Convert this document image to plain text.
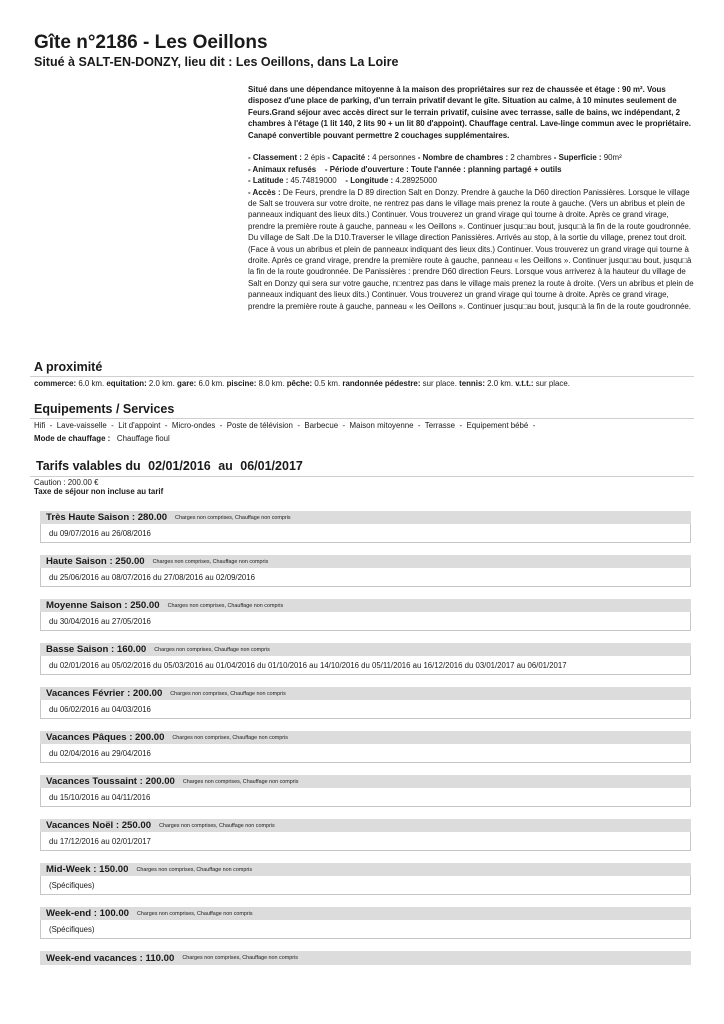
Gîte n°2186 - Les Oeillons
Situé à SALT-EN-DONZY, lieu dit : Les Oeillons, dans La Loire

Situé dans une dépendance mitoyenne à la maison des propriétaires sur rez de chaussée et étage : 90 m². Vous disposez d'une place de parking, d'un terrain privatif devant le gîte. Situation au calme, à 10 minutes seulement de Feurs.Grand séjour avec accès direct sur le terrain privatif, cuisine avec terrasse, salle de bains, wc indépendant, 2 chambres à l'étage (1 lit 140, 2 lits 90 + un lit 80 d'appoint). Chauffage central. Lave-linge commun avec le propriétaire. Canapé convertible pouvant permettre 2 couchages supplémentaires.

- Classement : 2 épis - Capacité : 4 personnes - Nombre de chambres : 2 chambres - Superficie : 90m²

- Animaux refusés - Période d'ouverture : Toute l'année : planning partagé + outils

- Latitude : 45.74819000 - Longitude : 4.28925000

- Accès : De Feurs, prendre la D 89 direction Salt en Donzy. Prendre à gauche la D60 direction Panissières. Lorsque le village de Salt se trouvera sur votre droite, ne rentrez pas dans le village mais prenez la route à gauche. (Vers un abribus et plein de panneaux indiquant des lieux dits.) Continuer. Vous trouverez un grand virage qui tourne à droite. Après ce grand virage, prendre la première route à gauche, panneau « les Oeillons ». Continuer jusqu□au bout, jusqu□à la fin de la route goudronnée. Du village de Salt .De la D10.Traverser le village direction Panissières. Arrivés au stop, à la sortie du village, prenez tout droit. (Face à vous un abribus et plein de panneaux indiquant des lieux dits.) Continuer. Vous trouverez un grand virage qui tourne à droite. Après ce grand virage, prendre la première route à gauche, panneau « les Oeillons ». Continuer jusqu□au bout, jusqu□à la fin de la route goudronnée. De Panissières : prendre D60 direction Feurs. Lorsque vous arriverez à la hauteur du village de Salt en Donzy qui sera sur votre gauche, n□entrez pas dans le village mais prenez la route à droite. (Vers un abribus et plein de panneaux indiquant des lieux dits.) Continuer. Vous trouverez un grand virage qui tourne à droite. Après ce grand virage, prendre la première route à gauche, panneau « les Oeillons ». Continuer jusqu□au bout, jusqu□à la fin de la route goudronnée.

A proximité
commerce: 6.0 km. equitation: 2.0 km. gare: 6.0 km. piscine: 8.0 km. pêche: 0.5 km. randonnée pédestre: sur place. tennis: 2.0 km. v.t.t.: sur place.
Equipements / Services
Hifi  -  Lave-vaisselle  -  Lit d'appoint  -  Micro-ondes  -  Poste de télévision  -  Barbecue  -  Maison mitoyenne  -  Terrasse  -  Equipement bébé  -
Mode de chauffage : Chauffage fioul
Tarifs valables du 02/01/2016 au 06/01/2017
Caution : 200.00 €
Taxe de séjour non incluse au tarif
Très Haute Saison : 280.00 Charges non comprises, Chauffage non compris
du 09/07/2016 au 26/08/2016
Haute Saison : 250.00 Charges non comprises, Chauffage non compris
du 25/06/2016 au 08/07/2016 du 27/08/2016 au 02/09/2016
Moyenne Saison : 250.00 Charges non comprises, Chauffage non compris
du 30/04/2016 au 27/05/2016
Basse Saison : 160.00 Charges non comprises, Chauffage non compris
du 02/01/2016 au 05/02/2016 du 05/03/2016 au 01/04/2016 du 01/10/2016 au 14/10/2016 du 05/11/2016 au 16/12/2016 du 03/01/2017 au 06/01/2017
Vacances Février : 200.00 Charges non comprises, Chauffage non compris
du 06/02/2016 au 04/03/2016
Vacances Pâques : 200.00 Charges non comprises, Chauffage non compris
du 02/04/2016 au 29/04/2016
Vacances Toussaint : 200.00 Charges non comprises, Chauffage non compris
du 15/10/2016 au 04/11/2016
Vacances Noël : 250.00 Charges non comprises, Chauffage non compris
du 17/12/2016 au 02/01/2017
Mid-Week : 150.00 Charges non comprises, Chauffage non compris
(Spécifiques)
Week-end : 100.00 Charges non comprises, Chauffage non compris
(Spécifiques)
Week-end vacances : 110.00 Charges non comprises, Chauffage non compris
